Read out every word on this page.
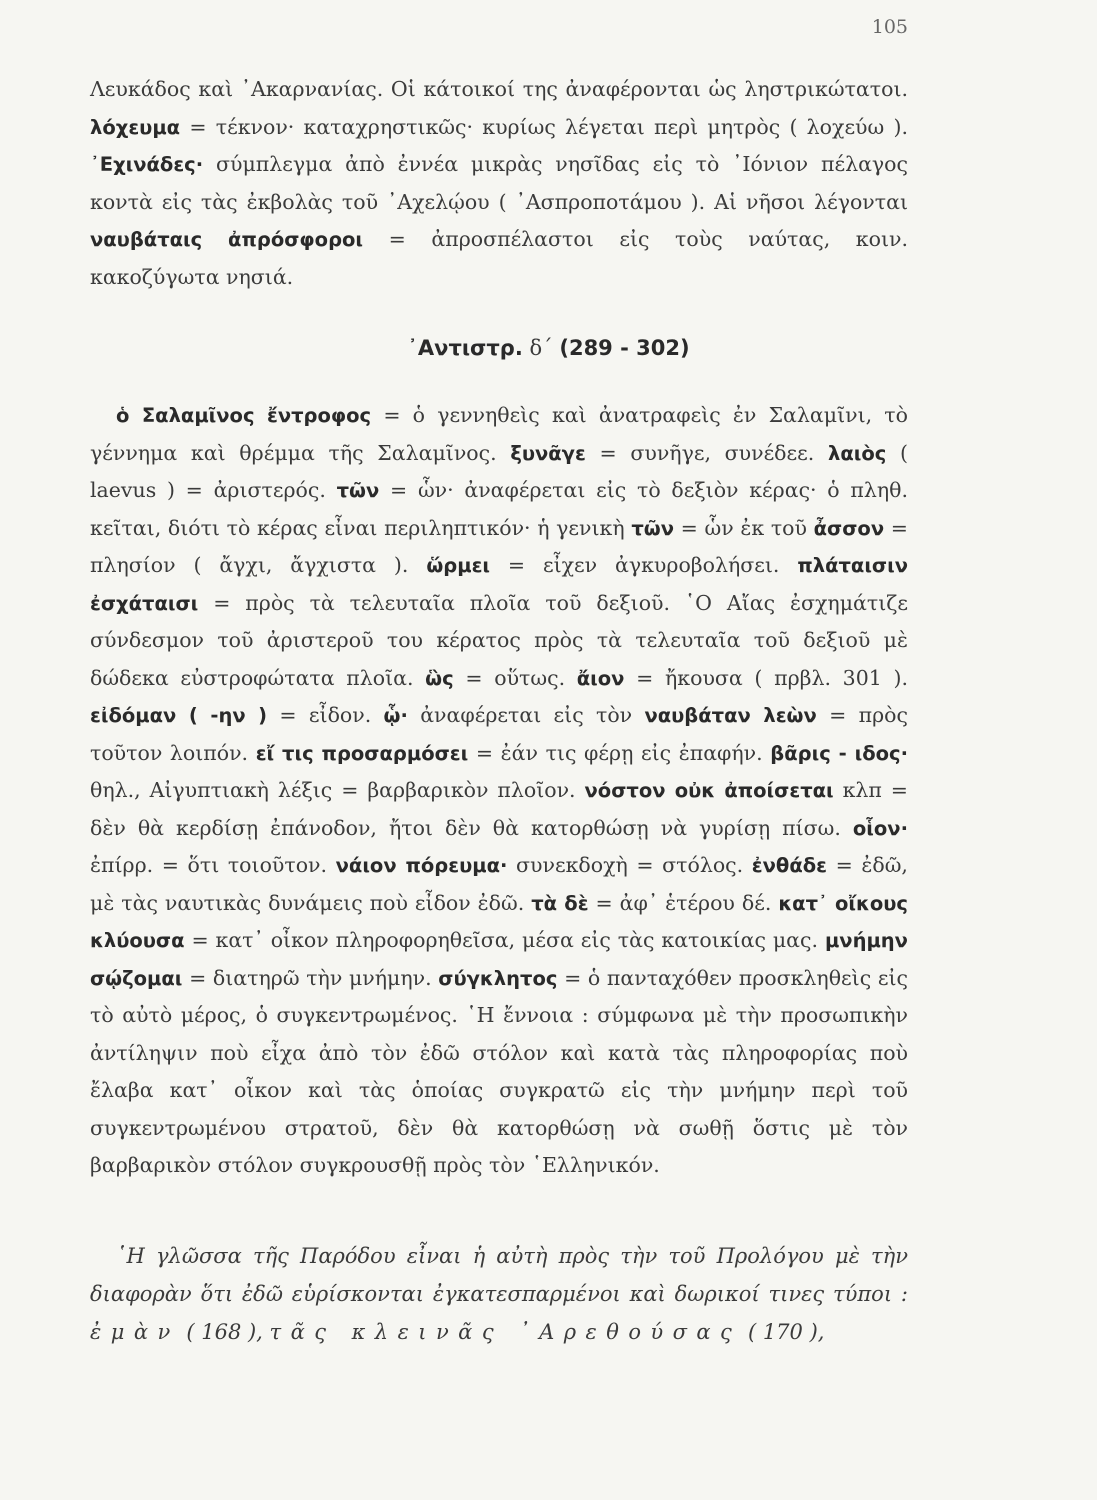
105
Λευκάδος καὶ ᾿Ακαρνανίας. Οἱ κάτοικοί της ἀναφέρονται ὡς ληστρικώτατοι. λόχευμα = τέκνον· καταχρηστικῶς· κυρίως λέγεται περὶ μητρὸς ( λοχεύω ). ᾿Εχινάδες· σύμπλεγμα ἀπὸ ἐννέα μικρὰς νησῖδας εἰς τὸ ᾿Ιόνιον πέλαγος κοντὰ εἰς τὰς ἐκβολὰς τοῦ ᾿Αχελῴου ( ᾿Ασπροποτάμου ). Αἱ νῆσοι λέγονται ναυβάταις ἀπρόσφοροι = ἀπροσπέλαστοι εἰς τοὺς ναύτας, κοιν. κακοζύγωτα νησιά.
᾿Αντιστρ. δ΄ (289 - 302)
ὁ Σαλαμῖνος ἔντροφος = ὁ γεννηθεὶς καὶ ἀνατραφεὶς ἐν Σαλαμῖνι, τὸ γέννημα καὶ θρέμμα τῆς Σαλαμῖνος. ξυνᾶγε = συνῆγε, συνέδεε. λαιὸς ( laevus ) = ἀριστερός. τῶν = ὧν· ἀναφέρεται εἰς τὸ δεξιὸν κέρας· ὁ πληθ. κεῖται, διότι τὸ κέρας εἶναι περιληπτικόν· ἡ γενικὴ τῶν = ὧν ἐκ τοῦ ἆσσον = πλησίον ( ἄγχι, ἄγχιστα ). ὥρμει = εἶχεν ἀγκυροβολήσει. πλάταισιν ἐσχάταισι = πρὸς τὰ τελευταῖα πλοῖα τοῦ δεξιοῦ. ῾Ο Αἴας ἐσχημάτιζε σύνδεσμον τοῦ ἀριστεροῦ του κέρατος πρὸς τὰ τελευταῖα τοῦ δεξιοῦ μὲ δώδεκα εὐστροφώτατα πλοῖα. ὣς = οὕτως. ἄιον = ἤκουσα ( πρβλ. 301 ). εἰδόμαν ( -ην ) = εἶδον. ᾧ· ἀναφέρεται εἰς τὸν ναυβάταν λεὼν = πρὸς τοῦτον λοιπόν. εἴ τις προσαρμόσει = ἐάν τις φέρῃ εἰς ἐπαφήν. βᾶρις - ιδος· θηλ., Αἰγυπτιακὴ λέξις = βαρβαρικὸν πλοῖον. νόστον οὐκ ἀποίσεται κλπ = δὲν θὰ κερδίσῃ ἐπάνοδον, ἤτοι δὲν θὰ κατορθώσῃ νὰ γυρίσῃ πίσω. οἷον· ἐπίρρ. = ὅτι τοιοῦτον. νάιον πόρευμα· συνεκδοχὴ = στόλος. ἐνθάδε = ἐδῶ, μὲ τὰς ναυτικὰς δυνάμεις ποὺ εἶδον ἐδῶ. τὰ δὲ = ἀφ᾿ ἑτέρου δέ. κατ᾿ οἴκους κλύουσα = κατ᾿ οἶκον πληροφορηθεῖσα, μέσα εἰς τὰς κατοικίας μας. μνήμην σῴζομαι = διατηρῶ τὴν μνήμην. σύγκλητος = ὁ πανταχόθεν προσκληθεὶς εἰς τὸ αὐτὸ μέρος, ὁ συγκεντρωμένος. ῾Η ἔννοια : σύμφωνα μὲ τὴν προσωπικὴν ἀντίληψιν ποὺ εἶχα ἀπὸ τὸν ἐδῶ στόλον καὶ κατὰ τὰς πληροφορίας ποὺ ἔλαβα κατ᾿ οἶκον καὶ τὰς ὁποίας συγκρατῶ εἰς τὴν μνήμην περὶ τοῦ συγκεντρωμένου στρατοῦ, δὲν θὰ κατορθώσῃ νὰ σωθῇ ὅστις μὲ τὸν βαρβαρικὸν στόλον συγκρουσθῇ πρὸς τὸν ῾Ελληνικόν.
῾Η γλῶσσα τῆς Παρόδου εἶναι ἡ αὐτὴ πρὸς τὴν τοῦ Προλόγου μὲ τὴν διαφορὰν ὅτι ἐδῶ εὑρίσκονται ἐγκατεσπαρμένοι καὶ δωρικοί τινες τύποι : ἐμὰν ( 168 ), τᾶς κλεινᾶς ᾿Αρεθούσας ( 170 ),
